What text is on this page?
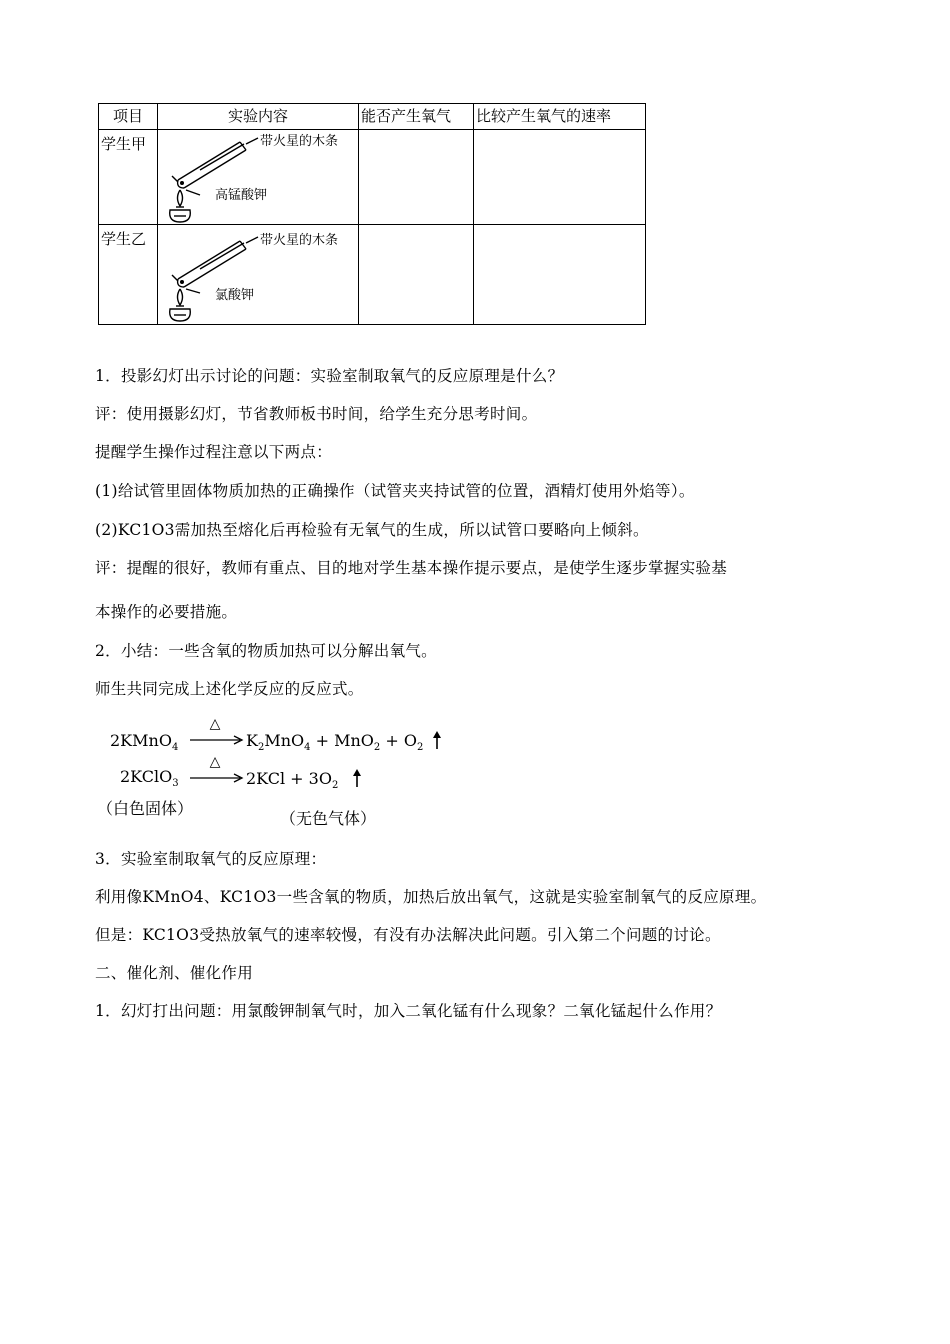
项目	实验内容	能否产生氧气	比较产生氧气的速率
学生甲	带火星的木条
高锰酸钾		

学生乙	带火星的木条
氯酸钾		

1．投影幻灯出示讨论的问题：实验室制取氧气的反应原理是什么？
评：使用摄影幻灯，节省教师板书时间，给学生充分思考时间。
提醒学生操作过程注意以下两点：
(1)给试管里固体物质加热的正确操作（试管夹夹持试管的位置，酒精灯使用外焰等）。
(2)KC1O3需加热至熔化后再检验有无氧气的生成，所以试管口要略向上倾斜。
评：提醒的很好，教师有重点、目的地对学生基本操作提示要点，是使学生逐步掌握实验基
本操作的必要措施。
2．小结：一些含氧的物质加热可以分解出氧气。
师生共同完成上述化学反应的反应式。
2KMnO$_4$
△
$K_2MnO_4 + MnO_2 + O_2$
2KClO$_3$
△
$2KCl + 3O_2$
（白色固体）
（无色气体）
3．实验室制取氧气的反应原理：
利用像KMnO4、KC1O3一些含氧的物质，加热后放出氧气，这就是实验室制氧气的反应原理。
但是：KC1O3受热放氧气的速率较慢，有没有办法解决此问题。引入第二个问题的讨论。
二、催化剂、催化作用
1．幻灯打出问题：用氯酸钾制氧气时，加入二氧化锰有什么现象？二氧化锰起什么作用？
